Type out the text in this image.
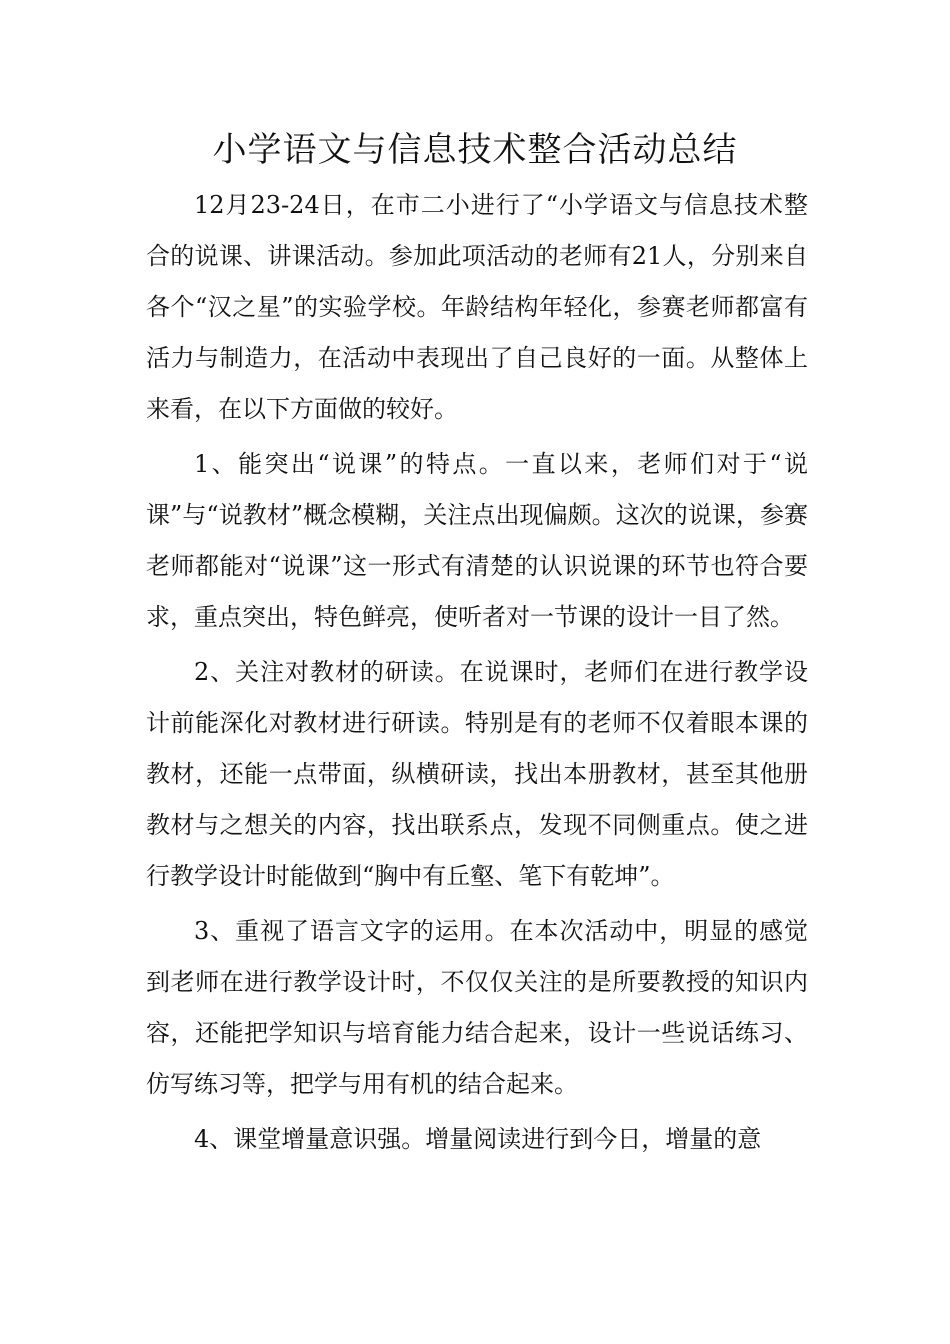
小学语文与信息技术整合活动总结

12月23-24日，在市二小进行了“小学语文与信息技术整合的说课、讲课活动。参加此项活动的老师有21人，分别来自各个“汉之星”的实验学校。年龄结构年轻化，参赛老师都富有活力与制造力，在活动中表现出了自己良好的一面。从整体上来看，在以下方面做的较好。

1、能突出“说课”的特点。一直以来，老师们对于“说课”与“说教材”概念模糊，关注点出现偏颇。这次的说课，参赛老师都能对“说课”这一形式有清楚的认识说课的环节也符合要求，重点突出，特色鲜亮，使听者对一节课的设计一目了然。

2、关注对教材的研读。在说课时，老师们在进行教学设计前能深化对教材进行研读。特别是有的老师不仅着眼本课的教材，还能一点带面，纵横研读，找出本册教材，甚至其他册教材与之想关的内容，找出联系点，发现不同侧重点。使之进行教学设计时能做到“胸中有丘壑、笔下有乾坤”。

3、重视了语言文字的运用。在本次活动中，明显的感觉到老师在进行教学设计时，不仅仅关注的是所要教授的知识内容，还能把学知识与培育能力结合起来，设计一些说话练习、仿写练习等，把学与用有机的结合起来。

4、课堂增量意识强。增量阅读进行到今日，增量的意
